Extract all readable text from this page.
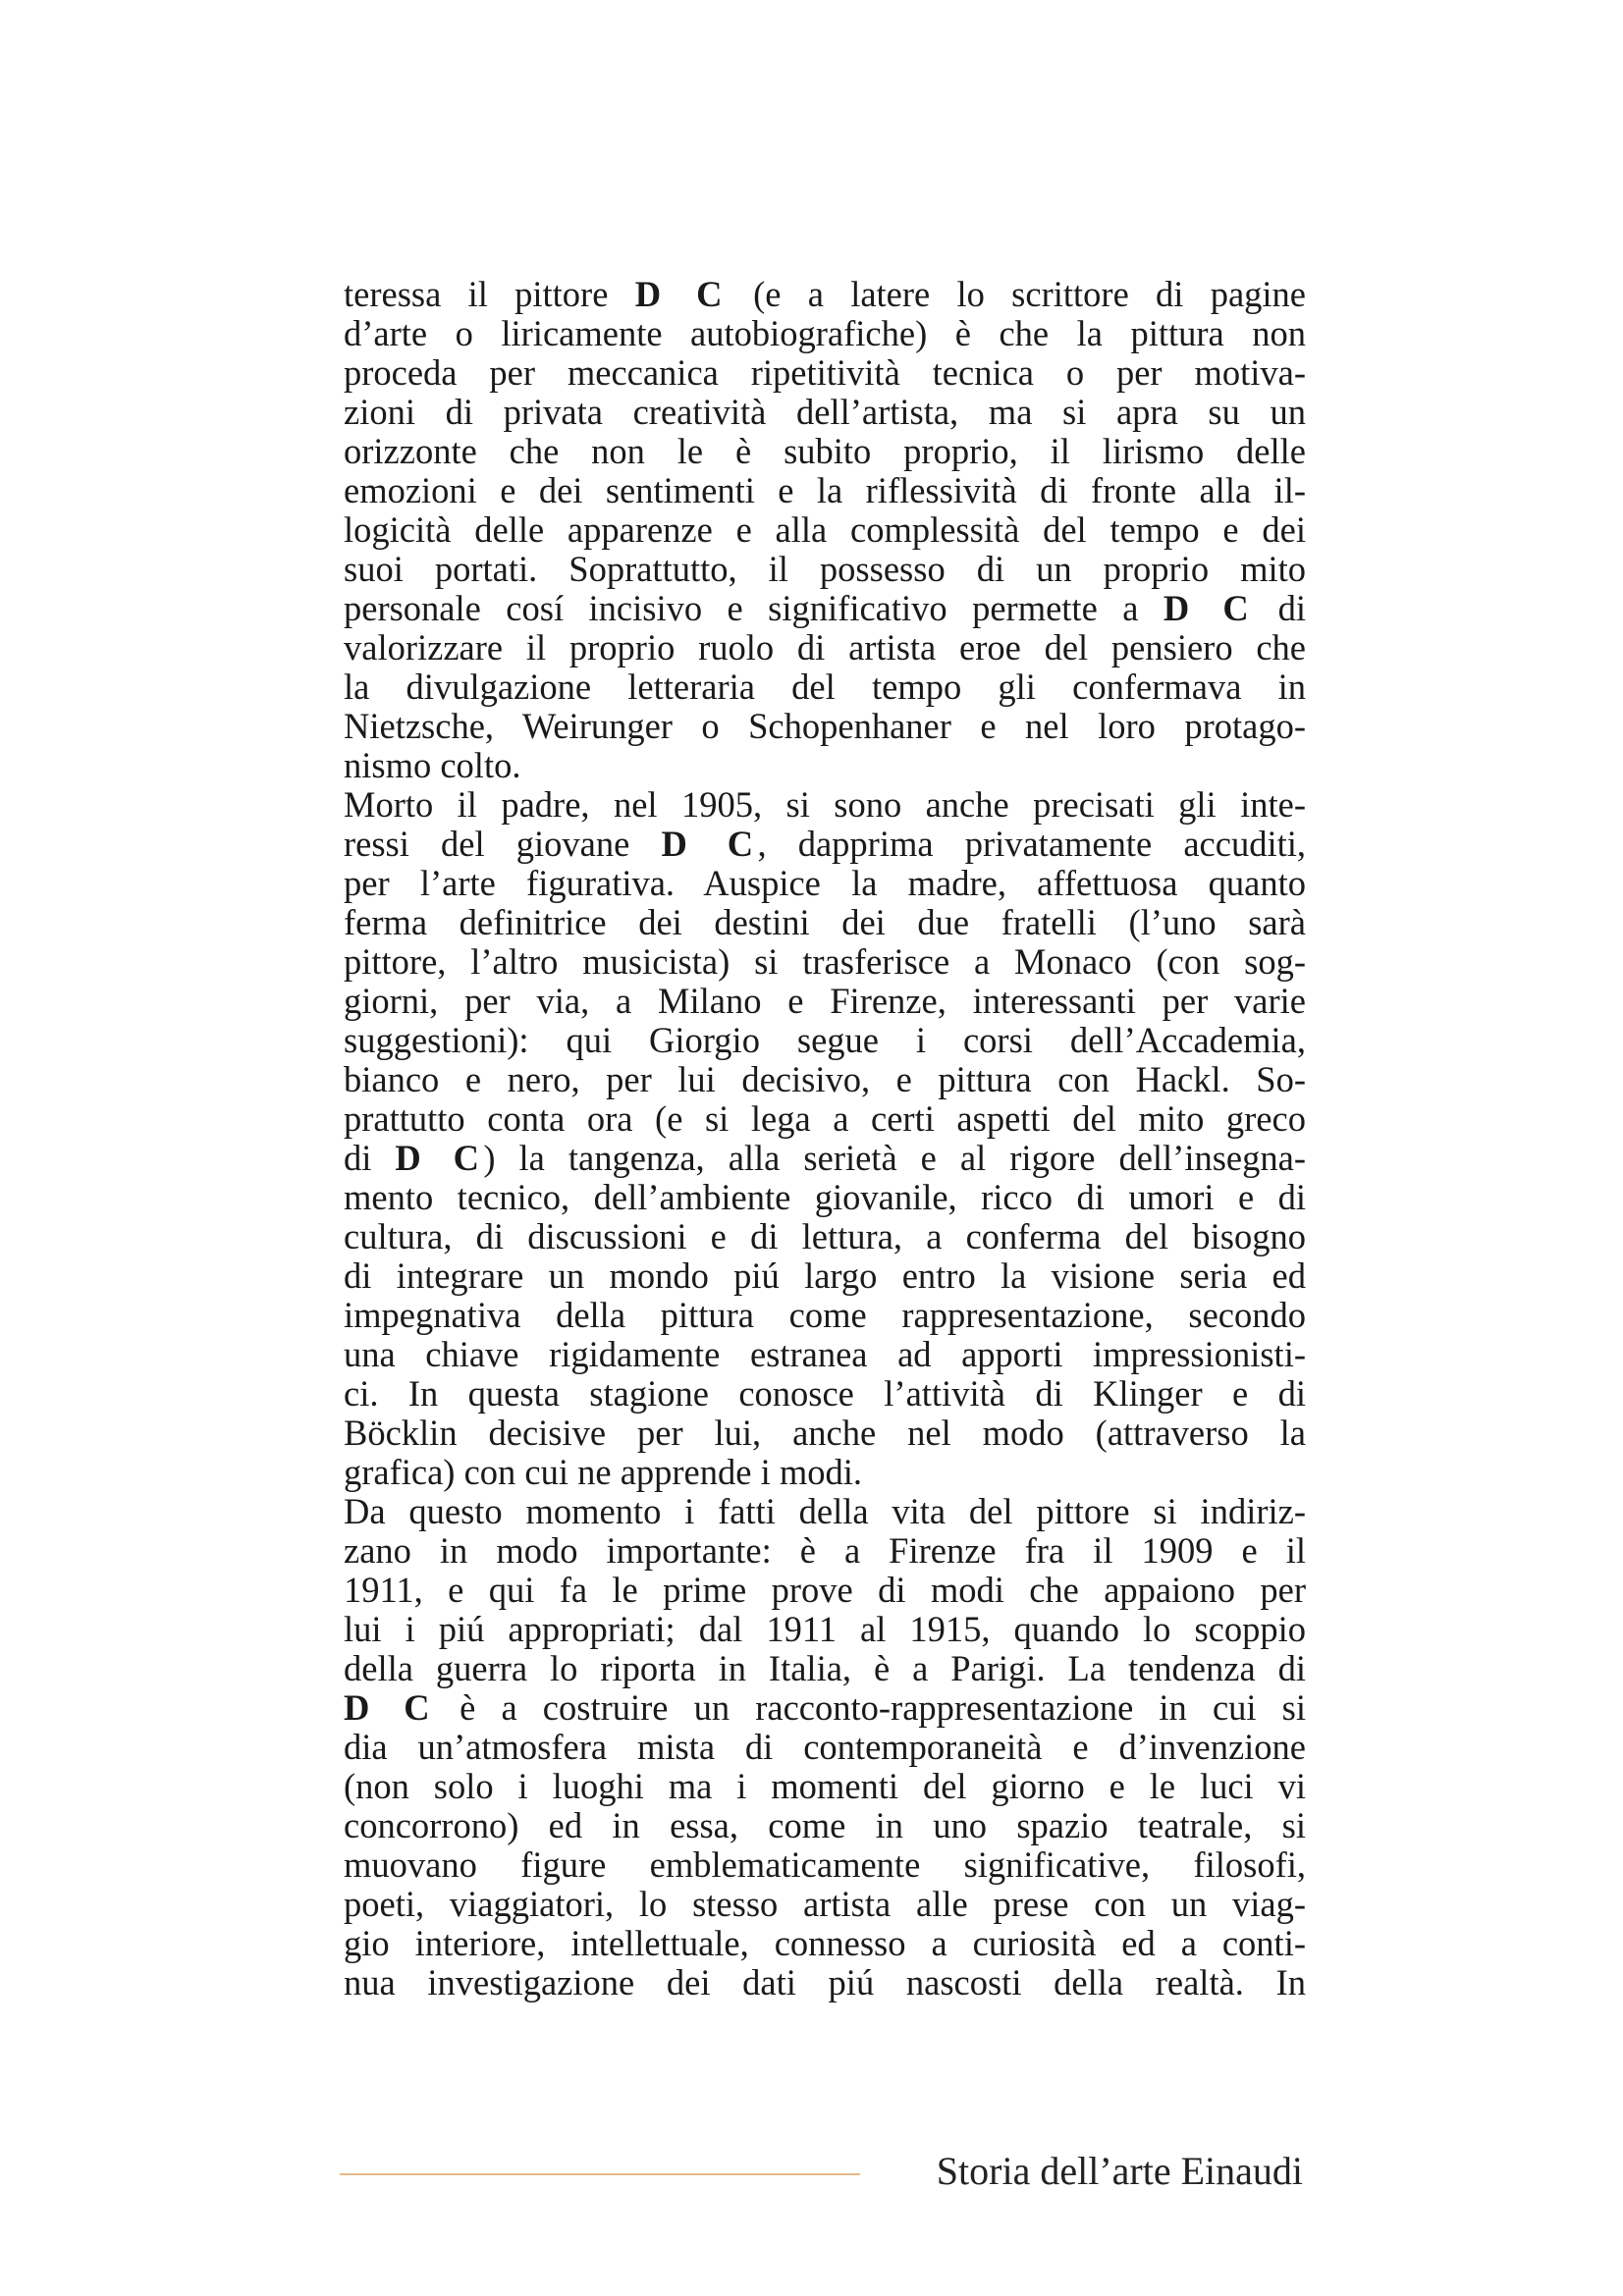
teressa il pittore D C (e a latere lo scrittore di pagine
d’arte o liricamente autobiografiche) è che la pittura non
proceda per meccanica ripetitività tecnica o per motiva-
zioni di privata creatività dell’artista, ma si apra su un
orizzonte che non le è subito proprio, il lirismo delle
emozioni e dei sentimenti e la riflessività di fronte alla il-
logicità delle apparenze e alla complessità del tempo e dei
suoi portati. Soprattutto, il possesso di un proprio mito
personale cosí incisivo e significativo permette a D C di
valorizzare il proprio ruolo di artista eroe del pensiero che
la divulgazione letteraria del tempo gli confermava in
Nietzsche, Weirunger o Schopenhaner e nel loro protago-
nismo colto.
Morto il padre, nel 1905, si sono anche precisati gli inte-
ressi del giovane D C, dapprima privatamente accuditi,
per l’arte figurativa. Auspice la madre, affettuosa quanto
ferma definitrice dei destini dei due fratelli (l’uno sarà
pittore, l’altro musicista) si trasferisce a Monaco (con sog-
giorni, per via, a Milano e Firenze, interessanti per varie
suggestioni): qui Giorgio segue i corsi dell’Accademia,
bianco e nero, per lui decisivo, e pittura con Hackl. So-
prattutto conta ora (e si lega a certi aspetti del mito greco
di D C) la tangenza, alla serietà e al rigore dell’insegna-
mento tecnico, dell’ambiente giovanile, ricco di umori e di
cultura, di discussioni e di lettura, a conferma del bisogno
di integrare un mondo piú largo entro la visione seria ed
impegnativa della pittura come rappresentazione, secondo
una chiave rigidamente estranea ad apporti impressionisti-
ci. In questa stagione conosce l’attività di Klinger e di
Böcklin decisive per lui, anche nel modo (attraverso la
grafica) con cui ne apprende i modi.
Da questo momento i fatti della vita del pittore si indiriz-
zano in modo importante: è a Firenze fra il 1909 e il
1911, e qui fa le prime prove di modi che appaiono per
lui i piú appropriati; dal 1911 al 1915, quando lo scoppio
della guerra lo riporta in Italia, è a Parigi. La tendenza di
D C è a costruire un racconto-rappresentazione in cui si
dia un’atmosfera mista di contemporaneità e d’invenzione
(non solo i luoghi ma i momenti del giorno e le luci vi
concorrono) ed in essa, come in uno spazio teatrale, si
muovano figure emblematicamente significative, filosofi,
poeti, viaggiatori, lo stesso artista alle prese con un viag-
gio interiore, intellettuale, connesso a curiosità ed a conti-
nua investigazione dei dati piú nascosti della realtà. In
Storia dell’arte Einaudi
